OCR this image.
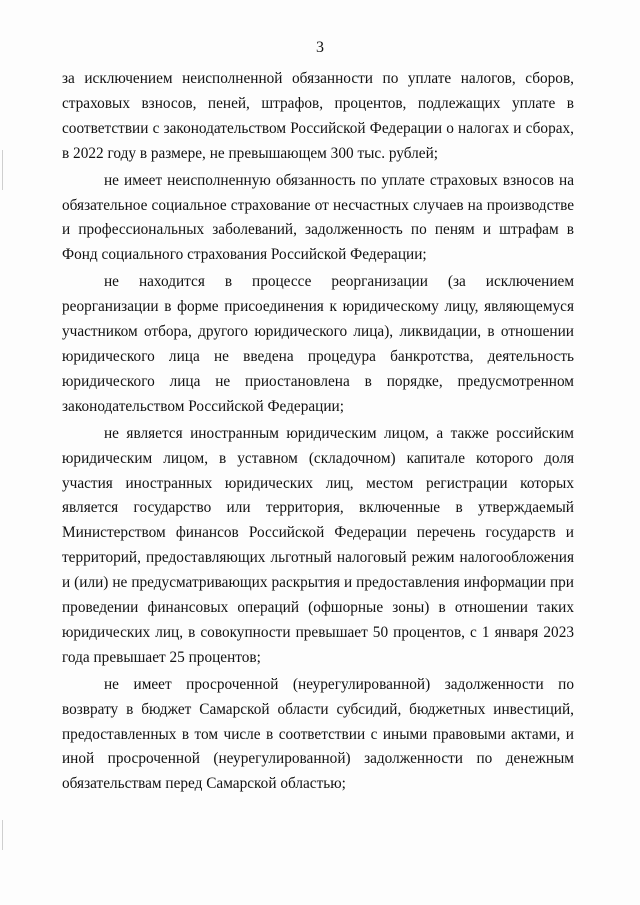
3

за исключением неисполненной обязанности по уплате налогов, сборов, страховых взносов, пеней, штрафов, процентов, подлежащих уплате в соответствии с законодательством Российской Федерации о налогах и сборах, в 2022 году в размере, не превышающем 300 тыс. рублей;

не имеет неисполненную обязанность по уплате страховых взносов на обязательное социальное страхование от несчастных случаев на производстве и профессиональных заболеваний, задолженность по пеням и штрафам в Фонд социального страхования Российской Федерации;

не находится в процессе реорганизации (за исключением реорганизации в форме присоединения к юридическому лицу, являющемуся участником отбора, другого юридического лица), ликвидации, в отношении юридического лица не введена процедура банкротства, деятельность юридического лица не приостановлена в порядке, предусмотренном законодательством Российской Федерации;

не является иностранным юридическим лицом, а также российским юридическим лицом, в уставном (складочном) капитале которого доля участия иностранных юридических лиц, местом регистрации которых является государство или территория, включенные в утверждаемый Министерством финансов Российской Федерации перечень государств и территорий, предоставляющих льготный налоговый режим налогообложения и (или) не предусматривающих раскрытия и предоставления информации при проведении финансовых операций (офшорные зоны) в отношении таких юридических лиц, в совокупности превышает 50 процентов, с 1 января 2023 года превышает 25 процентов;

не имеет просроченной (неурегулированной) задолженности по возврату в бюджет Самарской области субсидий, бюджетных инвестиций, предоставленных в том числе в соответствии с иными правовыми актами, и иной просроченной (неурегулированной) задолженности по денежным обязательствам перед Самарской областью;
